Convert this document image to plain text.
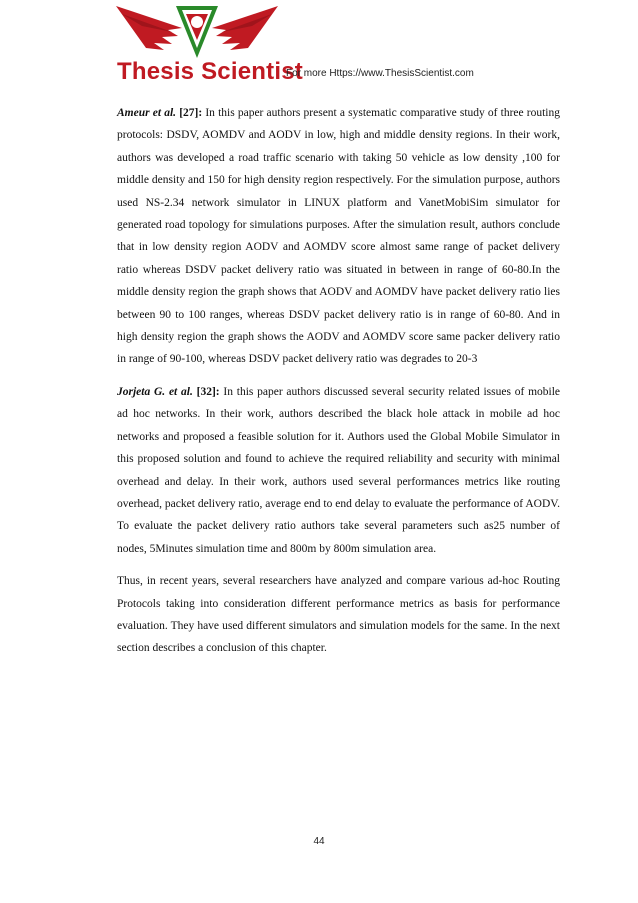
Thesis Scientist
For more Https://www.ThesisScientist.com

Ameur et al. [27]: In this paper authors present a systematic comparative study of three routing protocols: DSDV, AOMDV and AODV in low, high and middle density regions. In their work, authors was developed a road traffic scenario with taking 50 vehicle as low density ,100 for middle density and 150 for high density region respectively. For the simulation purpose, authors used NS-2.34 network simulator in LINUX platform and VanetMobiSim simulator for generated road topology for simulations purposes. After the simulation result, authors conclude that in low density region AODV and AOMDV score almost same range of packet delivery ratio whereas DSDV packet delivery ratio was situated in between in range of 60-80.In the middle density region the graph shows that AODV and AOMDV have packet delivery ratio lies between 90 to 100 ranges, whereas DSDV packet delivery ratio is in range of 60-80. And in high density region the graph shows the AODV and AOMDV score same packer delivery ratio in range of 90-100, whereas DSDV packet delivery ratio was degrades to 20-3

Jorjeta G. et al. [32]: In this paper authors discussed several security related issues of mobile ad hoc networks. In their work, authors described the black hole attack in mobile ad hoc networks and proposed a feasible solution for it. Authors used the Global Mobile Simulator in this proposed solution and found to achieve the required reliability and security with minimal overhead and delay. In their work, authors used several performances metrics like routing overhead, packet delivery ratio, average end to end delay to evaluate the performance of AODV. To evaluate the packet delivery ratio authors take several parameters such as25 number of nodes, 5Minutes simulation time and 800m by 800m simulation area.

Thus, in recent years, several researchers have analyzed and compare various ad-hoc Routing Protocols taking into consideration different performance metrics as basis for performance evaluation. They have used different simulators and simulation models for the same. In the next section describes a conclusion of this chapter.

44
